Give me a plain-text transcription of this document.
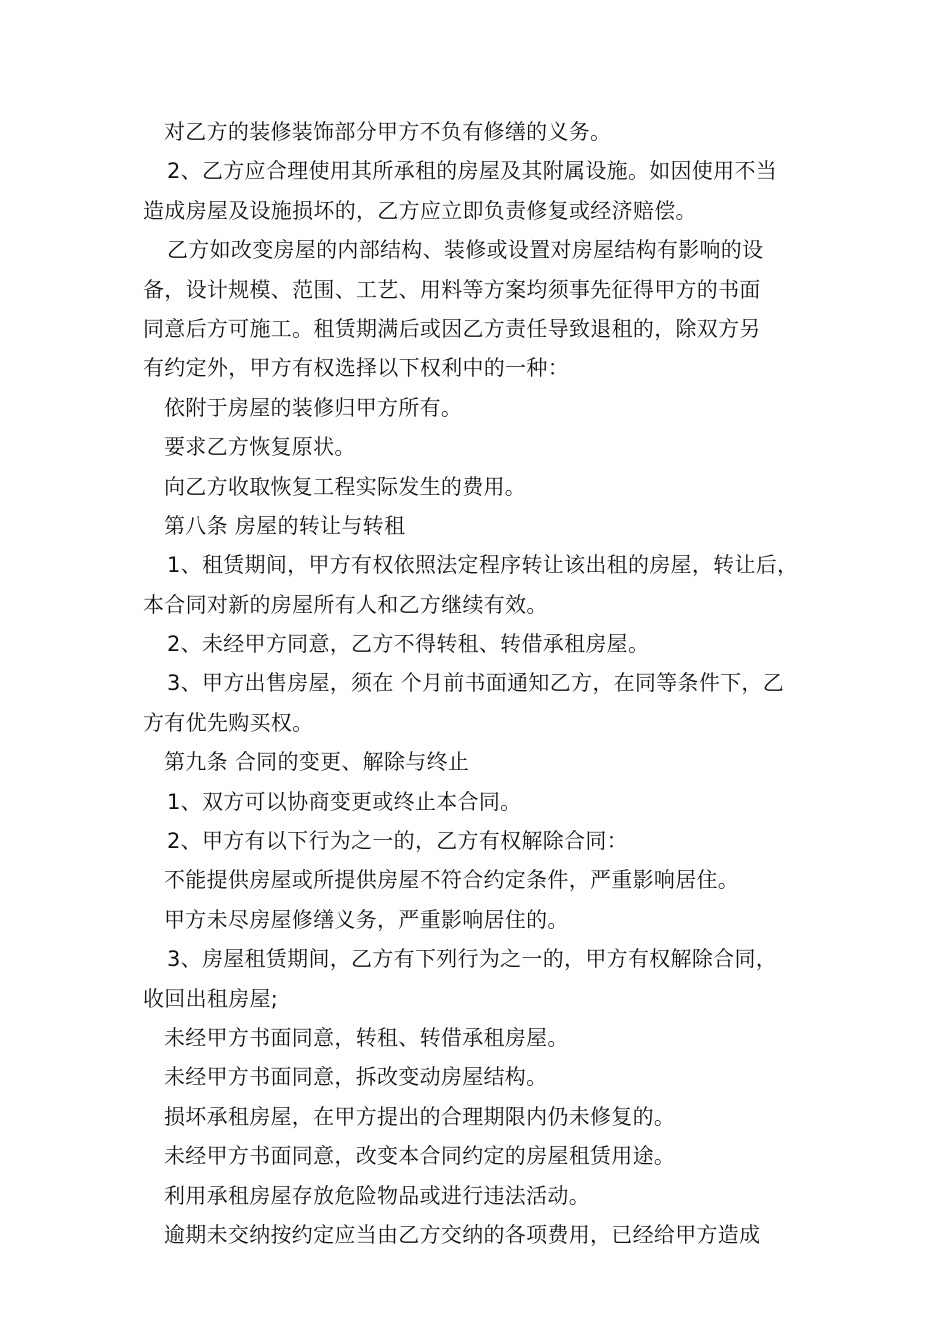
对乙方的装修装饰部分甲方不负有修缮的义务。
2、乙方应合理使用其所承租的房屋及其附属设施。如因使用不当
造成房屋及设施损坏的，乙方应立即负责修复或经济赔偿。
乙方如改变房屋的内部结构、装修或设置对房屋结构有影响的设
备，设计规模、范围、工艺、用料等方案均须事先征得甲方的书面
同意后方可施工。租赁期满后或因乙方责任导致退租的，除双方另
有约定外，甲方有权选择以下权利中的一种：
依附于房屋的装修归甲方所有。
要求乙方恢复原状。
向乙方收取恢复工程实际发生的费用。
第八条 房屋的转让与转租
1、租赁期间，甲方有权依照法定程序转让该出租的房屋，转让后，
本合同对新的房屋所有人和乙方继续有效。
2、未经甲方同意，乙方不得转租、转借承租房屋。
3、甲方出售房屋，须在 个月前书面通知乙方，在同等条件下，乙
方有优先购买权。
第九条 合同的变更、解除与终止
1、双方可以协商变更或终止本合同。
2、甲方有以下行为之一的，乙方有权解除合同：
不能提供房屋或所提供房屋不符合约定条件，严重影响居住。
甲方未尽房屋修缮义务，严重影响居住的。
3、房屋租赁期间，乙方有下列行为之一的，甲方有权解除合同，
收回出租房屋;
未经甲方书面同意，转租、转借承租房屋。
未经甲方书面同意，拆改变动房屋结构。
损坏承租房屋，在甲方提出的合理期限内仍未修复的。
未经甲方书面同意，改变本合同约定的房屋租赁用途。
利用承租房屋存放危险物品或进行违法活动。
逾期未交纳按约定应当由乙方交纳的各项费用，已经给甲方造成
